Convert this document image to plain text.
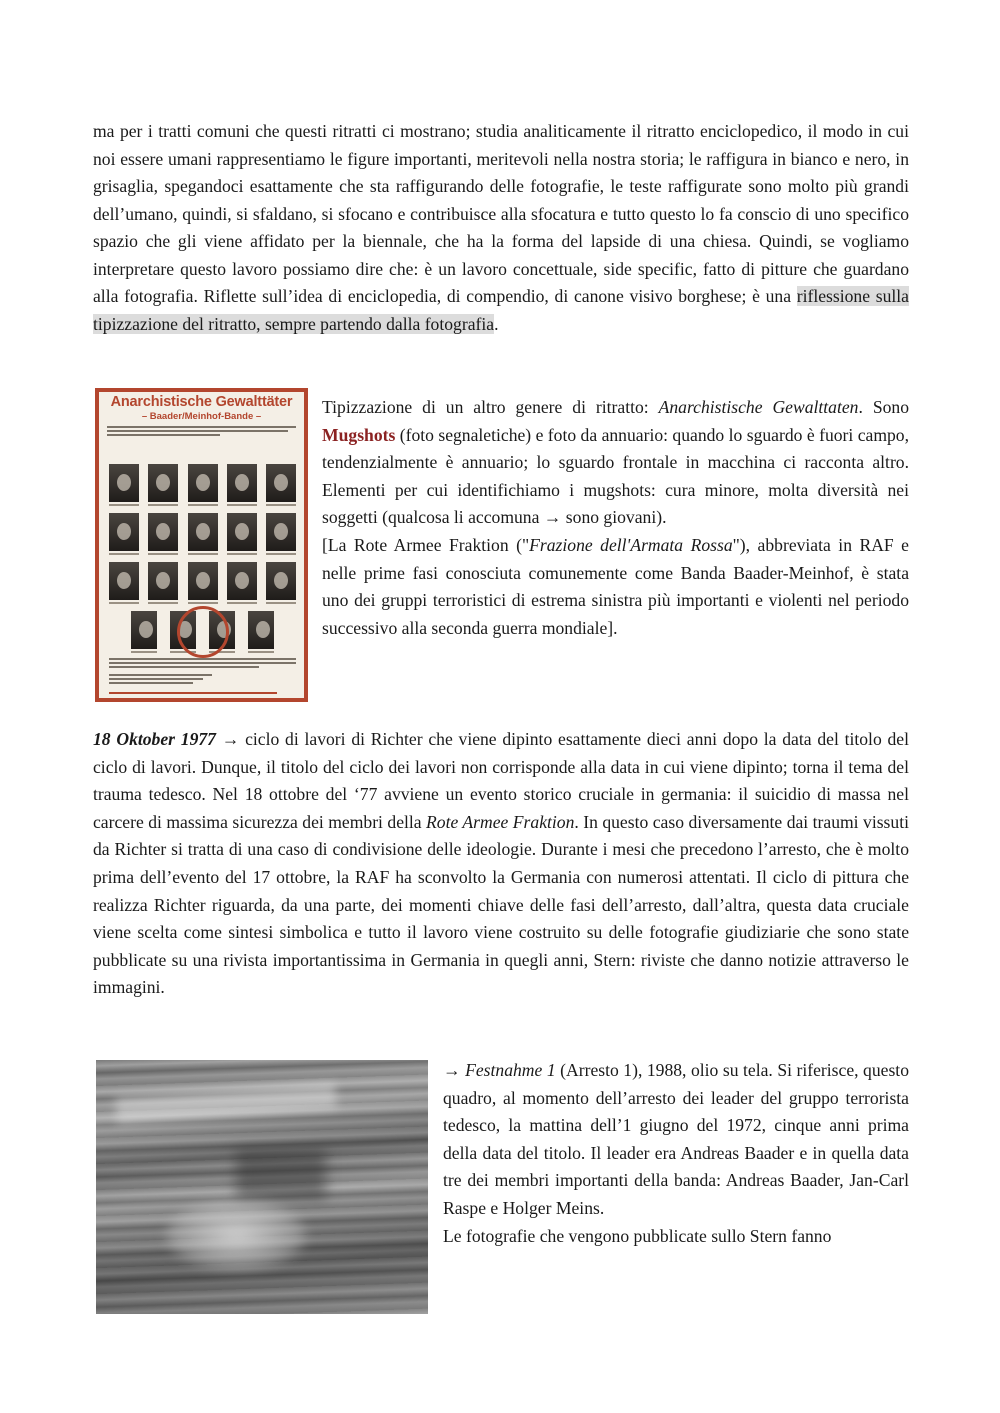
ma per i tratti comuni che questi ritratti ci mostrano; studia analiticamente il ritratto enciclopedico, il modo in cui noi essere umani rappresentiamo le figure importanti, meritevoli nella nostra storia; le raffigura in bianco e nero, in grisaglia, spegandoci esattamente che sta raffigurando delle fotografie, le teste raffigurate sono molto più grandi dell’umano, quindi, si sfaldano, si sfocano e contribuisce alla sfocatura e tutto questo lo fa conscio di uno specifico spazio che gli viene affidato per la biennale, che ha la forma del lapside di una chiesa. Quindi, se vogliamo interpretare questo lavoro possiamo dire che: è un lavoro concettuale, side specific, fatto di pitture che guardano alla fotografia. Riflette sull’idea di enciclopedia, di compendio, di canone visivo borghese; è una riflessione sulla tipizzazione del ritratto, sempre partendo dalla fotografia.

Anarchistische Gewalttäter
– Baader/Meinhof-Bande –	Tipizzazione di un altro genere di ritratto: Anarchistische Gewalttaten. Sono Mugshots (foto segnaletiche) e foto da annuario: quando lo sguardo è fuori campo, tendenzialmente è annuario; lo sguardo frontale in macchina ci racconta altro. Elementi per cui identifichiamo i mugshots: cura minore, molta diversità nei soggetti (qualcosa li accomuna → sono giovani).

[La Rote Armee Fraktion ("Frazione dell'Armata Rossa"), abbreviata in RAF e nelle prime fasi conosciuta comunemente come Banda Baader-Meinhof, è stata uno dei gruppi terroristici di estrema sinistra più importanti e violenti nel periodo successivo alla seconda guerra mondiale].

18 Oktober 1977 → ciclo di lavori di Richter che viene dipinto esattamente dieci anni dopo la data del titolo del ciclo di lavori. Dunque, il titolo del ciclo dei lavori non corrisponde alla data in cui viene dipinto; torna il tema del trauma tedesco. Nel 18 ottobre del ‘77 avviene un evento storico cruciale in germania: il suicidio di massa nel carcere di massima sicurezza dei membri della Rote Armee Fraktion. In questo caso diversamente dai traumi vissuti da Richter si tratta di una caso di condivisione delle ideologie. Durante i mesi che precedono l’arresto, che è molto prima dell’evento del 17 ottobre, la RAF ha sconvolto la Germania con numerosi attentati. Il ciclo di pittura che realizza Richter riguarda, da una parte, dei momenti chiave delle fasi dell’arresto, dall’altra, questa data cruciale viene scelta come sintesi simbolica e tutto il lavoro viene costruito su delle fotografie giudiziarie che sono state pubblicate su una rivista importantissima in Germania in quegli anni, Stern: riviste che danno notizie attraverso le immagini.

→ Festnahme 1 (Arresto 1), 1988, olio su tela. Si riferisce, questo quadro, al momento dell’arresto dei leader del gruppo terrorista tedesco, la mattina dell’1 giugno del 1972, cinque anni prima della data del titolo. Il leader era Andreas Baader e in quella data tre dei membri importanti della banda: Andreas Baader, Jan-Carl Raspe e Holger Meins.

Le fotografie che vengono pubblicate sullo Stern fanno
